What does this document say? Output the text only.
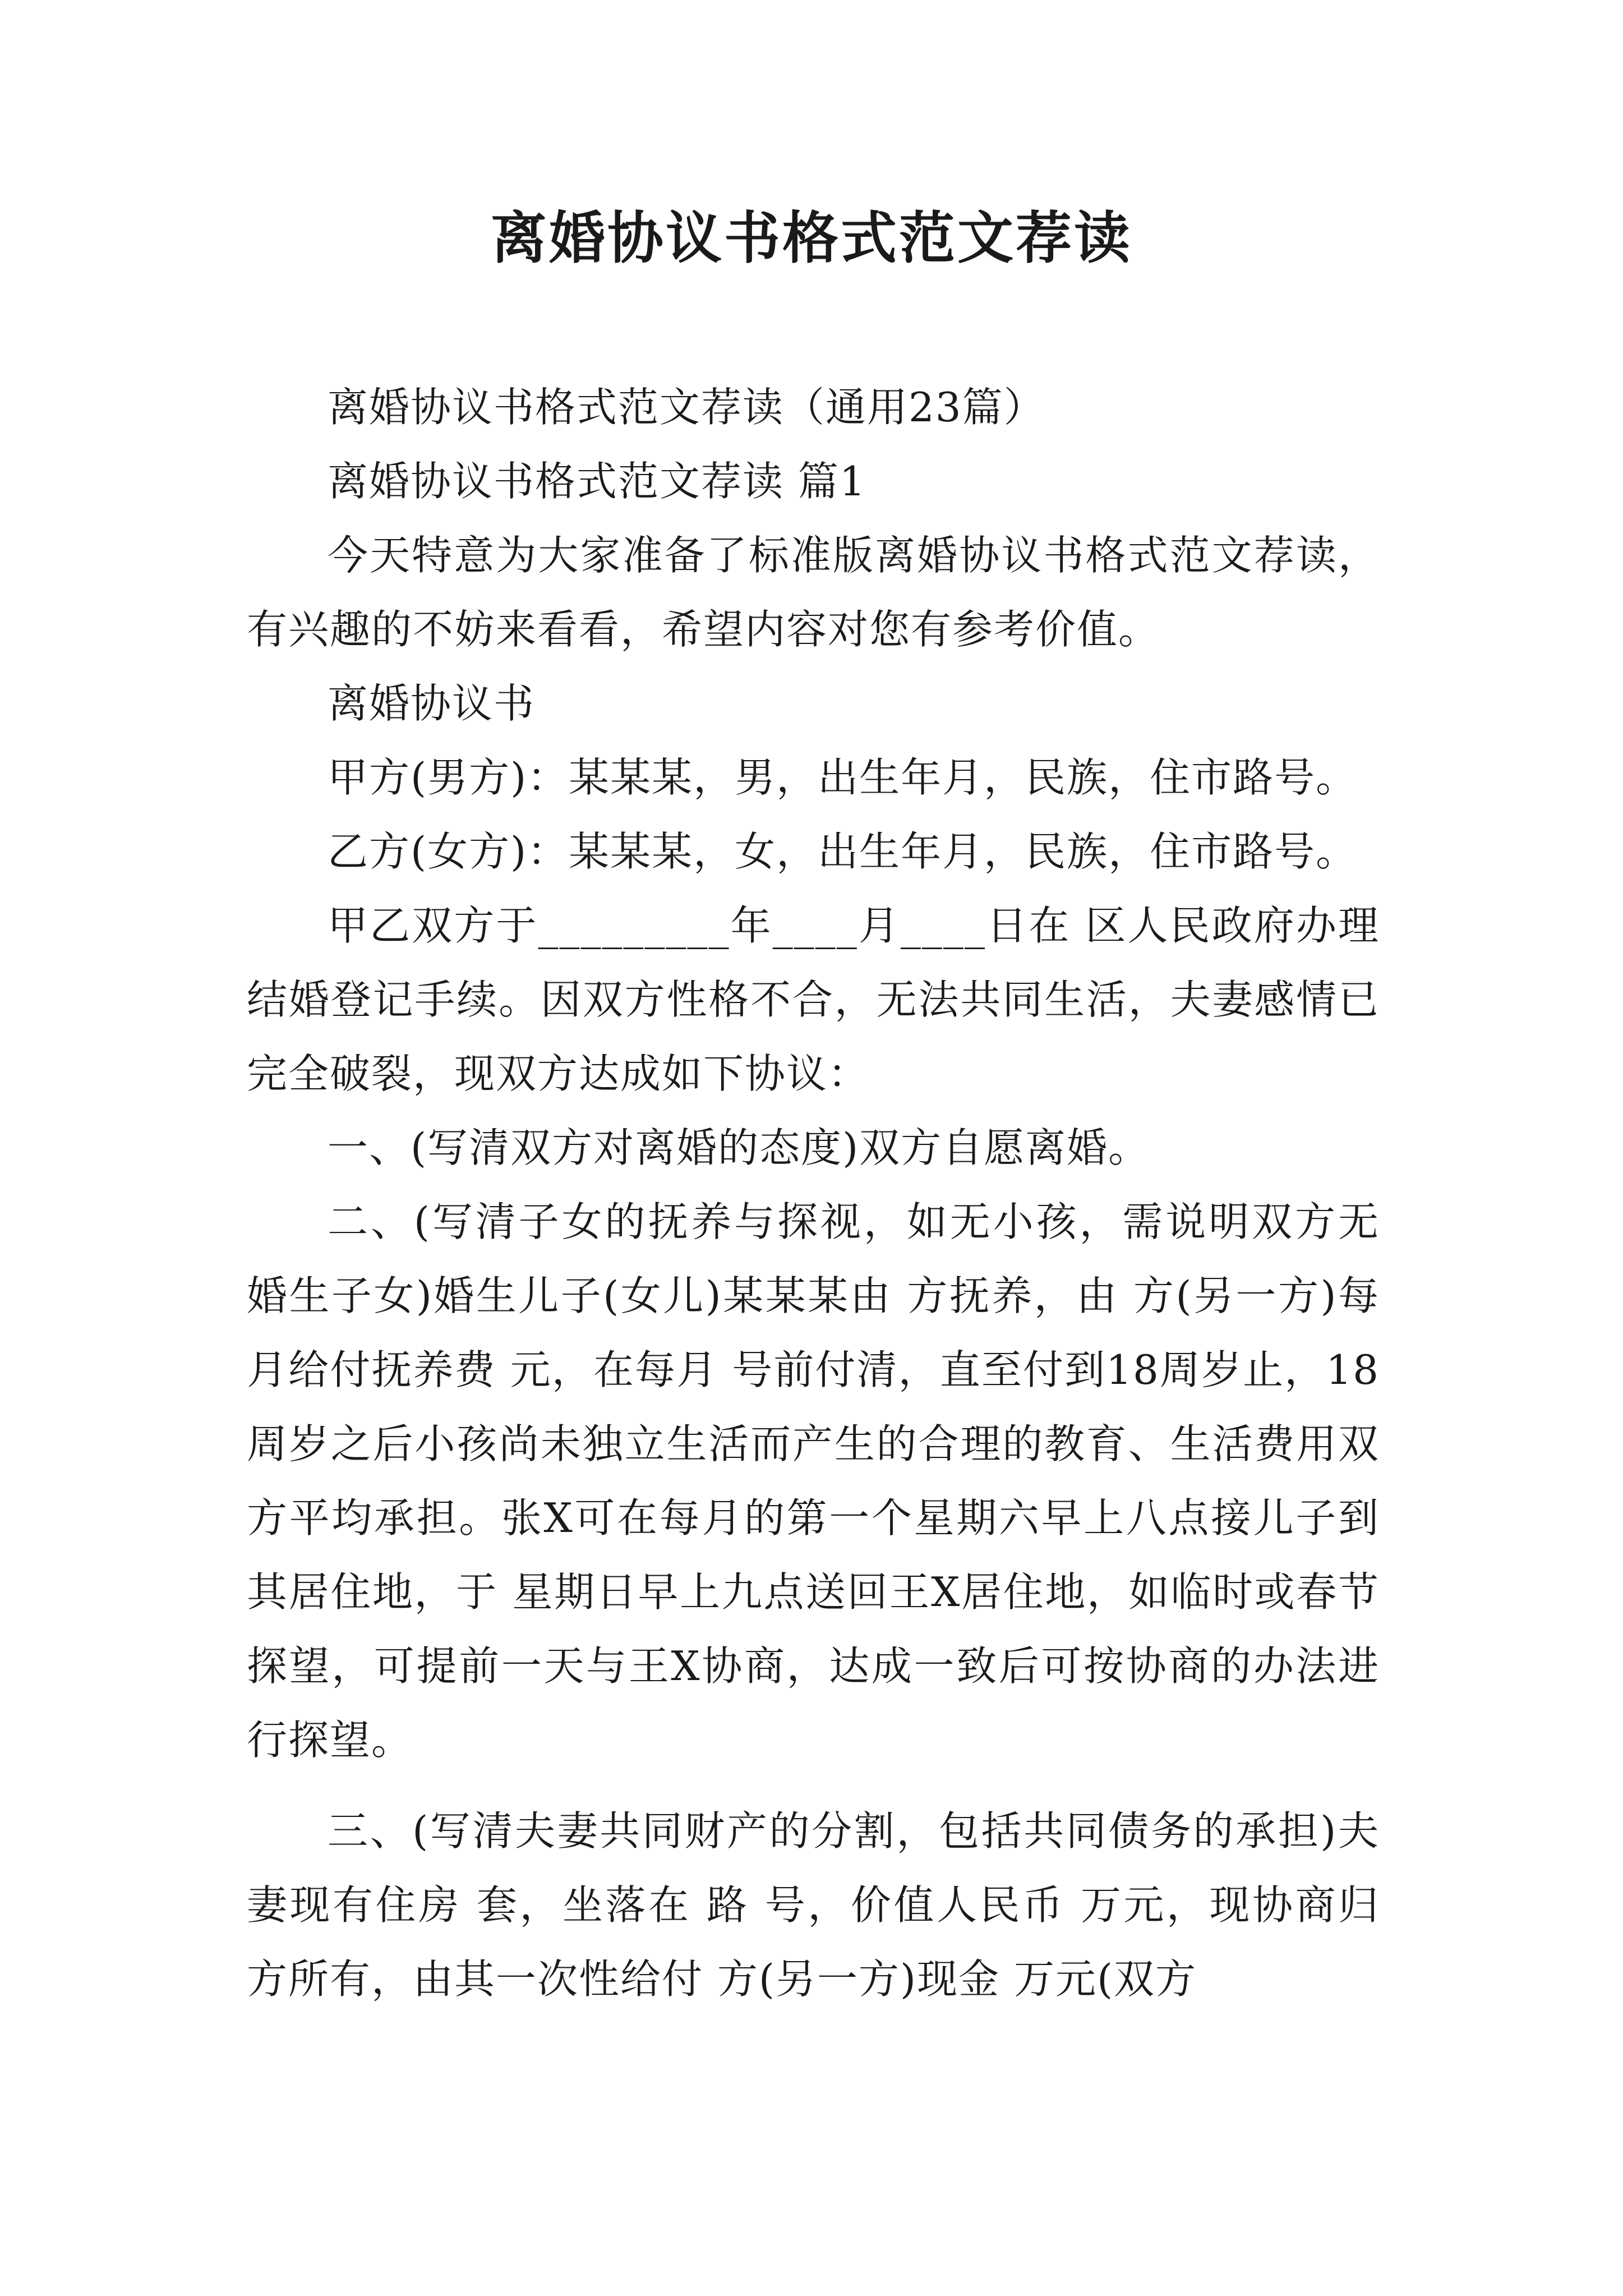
离婚协议书格式范文荐读

离婚协议书格式范文荐读（通用23篇）

离婚协议书格式范文荐读 篇1

今天特意为大家准备了标准版离婚协议书格式范文荐读，有兴趣的不妨来看看，希望内容对您有参考价值。

离婚协议书

甲方(男方)：某某某，男，出生年月，民族，住市路号。

乙方(女方)：某某某，女，出生年月，民族，住市路号。

甲乙双方于_________年____月____日在 区人民政府办理结婚登记手续。因双方性格不合，无法共同生活，夫妻感情已完全破裂，现双方达成如下协议：

一、(写清双方对离婚的态度)双方自愿离婚。

二、(写清子女的抚养与探视，如无小孩，需说明双方无婚生子女)婚生儿子(女儿)某某某由 方抚养，由 方(另一方)每月给付抚养费 元，在每月 号前付清，直至付到18周岁止，18 周岁之后小孩尚未独立生活而产生的合理的教育、生活费用双方平均承担。张X可在每月的第一个星期六早上八点接儿子到其居住地，于 星期日早上九点送回王X居住地，如临时或春节探望，可提前一天与王X协商，达成一致后可按协商的办法进行探望。

三、(写清夫妻共同财产的分割，包括共同债务的承担)夫妻现有住房 套，坐落在 路 号，价值人民币 万元，现协商归 方所有，由其一次性给付 方(另一方)现金 万元(双方
